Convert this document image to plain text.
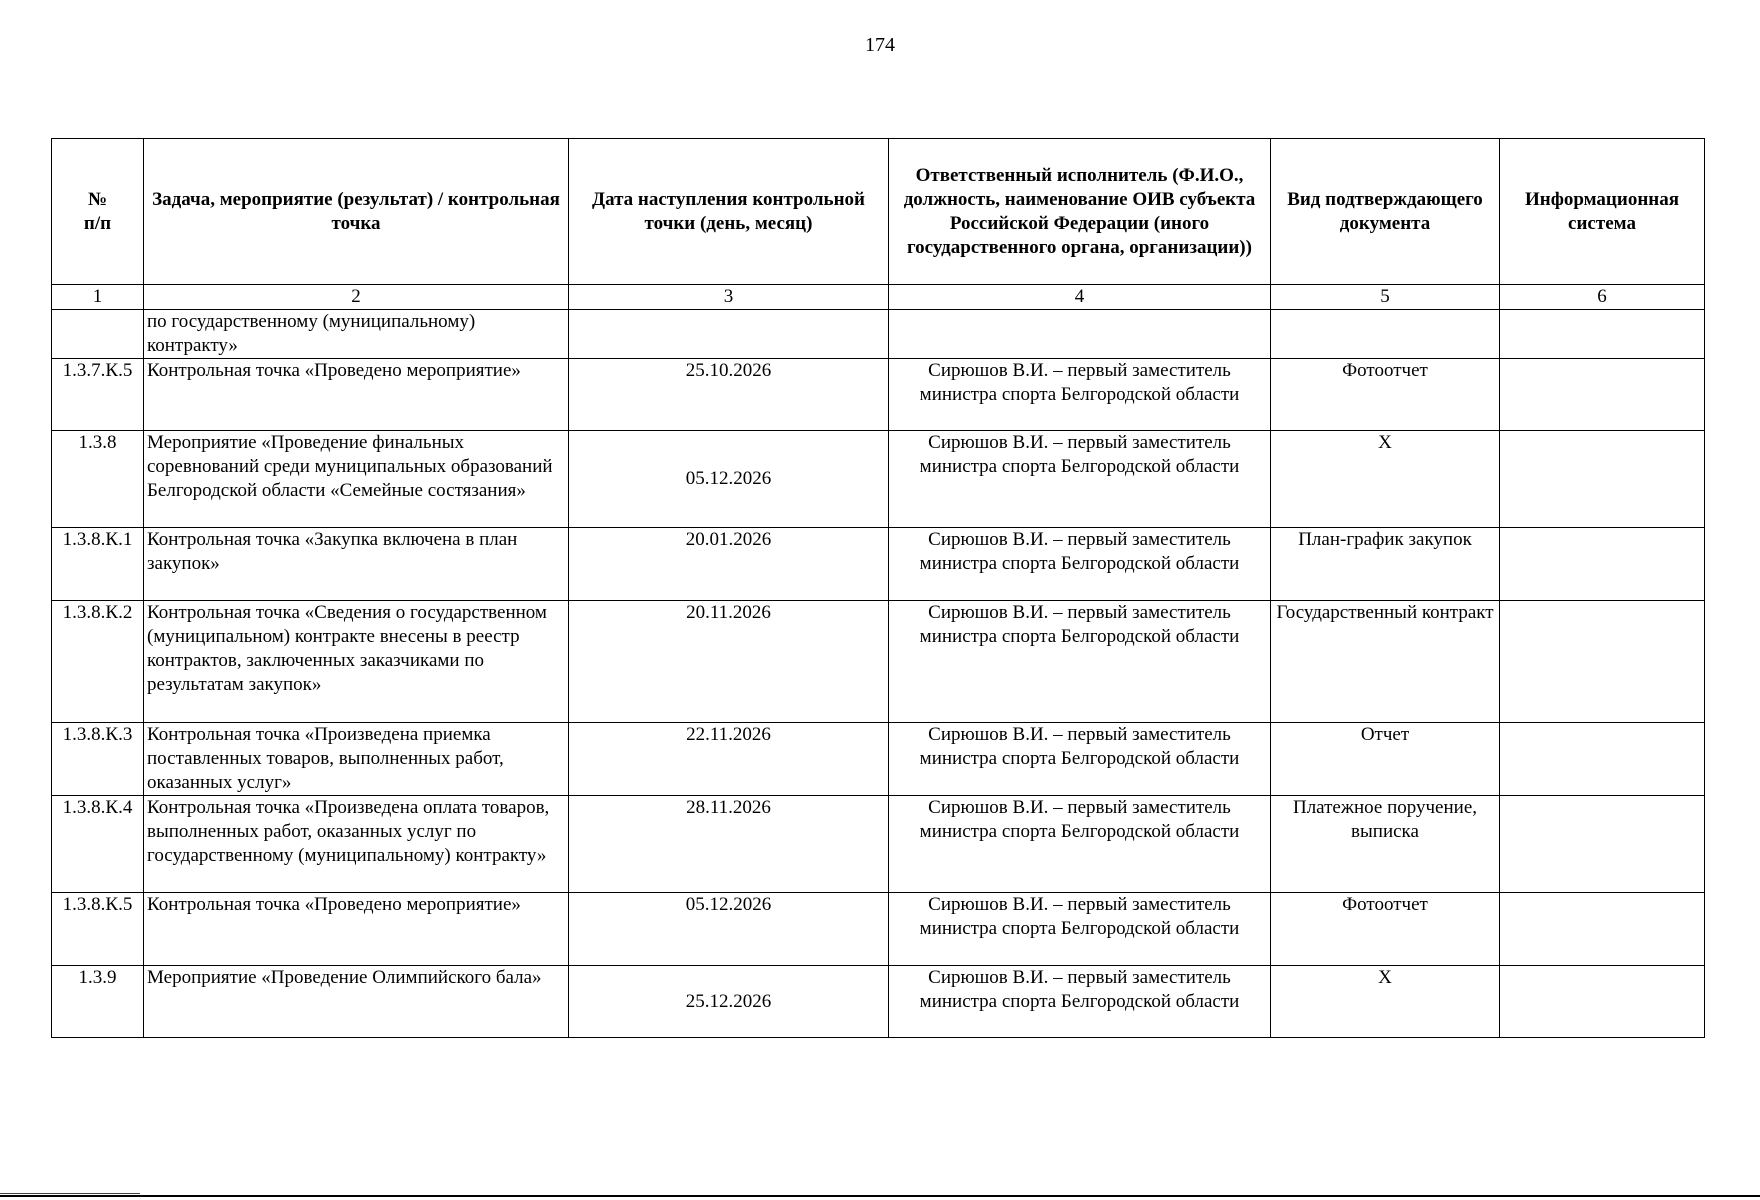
174
№
п/п	Задача, мероприятие (результат) / контрольная точка	Дата наступления контрольной точки (день, месяц)	Ответственный исполнитель (Ф.И.О., должность, наименование ОИВ субъекта Российской Федерации (иного государственного органа, организации))	Вид подтверждающего документа	Информационная система
1	2	3	4	5	6
	по государственному (муниципальному) контракту»				
1.3.7.К.5	Контрольная точка «Проведено мероприятие»	25.10.2026	Сирюшов В.И. – первый заместитель министра спорта Белгородской области	Фотоотчет	
1.3.8	Мероприятие «Проведение финальных соревнований среди муниципальных образований Белгородской области «Семейные состязания»	05.12.2026	Сирюшов В.И. – первый заместитель министра спорта Белгородской области	Х	
1.3.8.К.1	Контрольная точка «Закупка включена в план закупок»	20.01.2026	Сирюшов В.И. – первый заместитель министра спорта Белгородской области	План-график закупок	
1.3.8.К.2	Контрольная точка «Сведения о государственном (муниципальном) контракте внесены в реестр контрактов, заключенных заказчиками по результатам закупок»	20.11.2026	Сирюшов В.И. – первый заместитель министра спорта Белгородской области	Государственный контракт	
1.3.8.К.3	Контрольная точка «Произведена приемка поставленных товаров, выполненных работ, оказанных услуг»	22.11.2026	Сирюшов В.И. – первый заместитель министра спорта Белгородской области	Отчет	
1.3.8.К.4	Контрольная точка «Произведена оплата товаров, выполненных работ, оказанных услуг по государственному (муниципальному) контракту»	28.11.2026	Сирюшов В.И. – первый заместитель министра спорта Белгородской области	Платежное поручение, выписка	
1.3.8.К.5	Контрольная точка «Проведено мероприятие»	05.12.2026	Сирюшов В.И. – первый заместитель министра спорта Белгородской области	Фотоотчет	
1.3.9	Мероприятие «Проведение Олимпийского бала»	25.12.2026	Сирюшов В.И. – первый заместитель министра спорта Белгородской области	Х	
